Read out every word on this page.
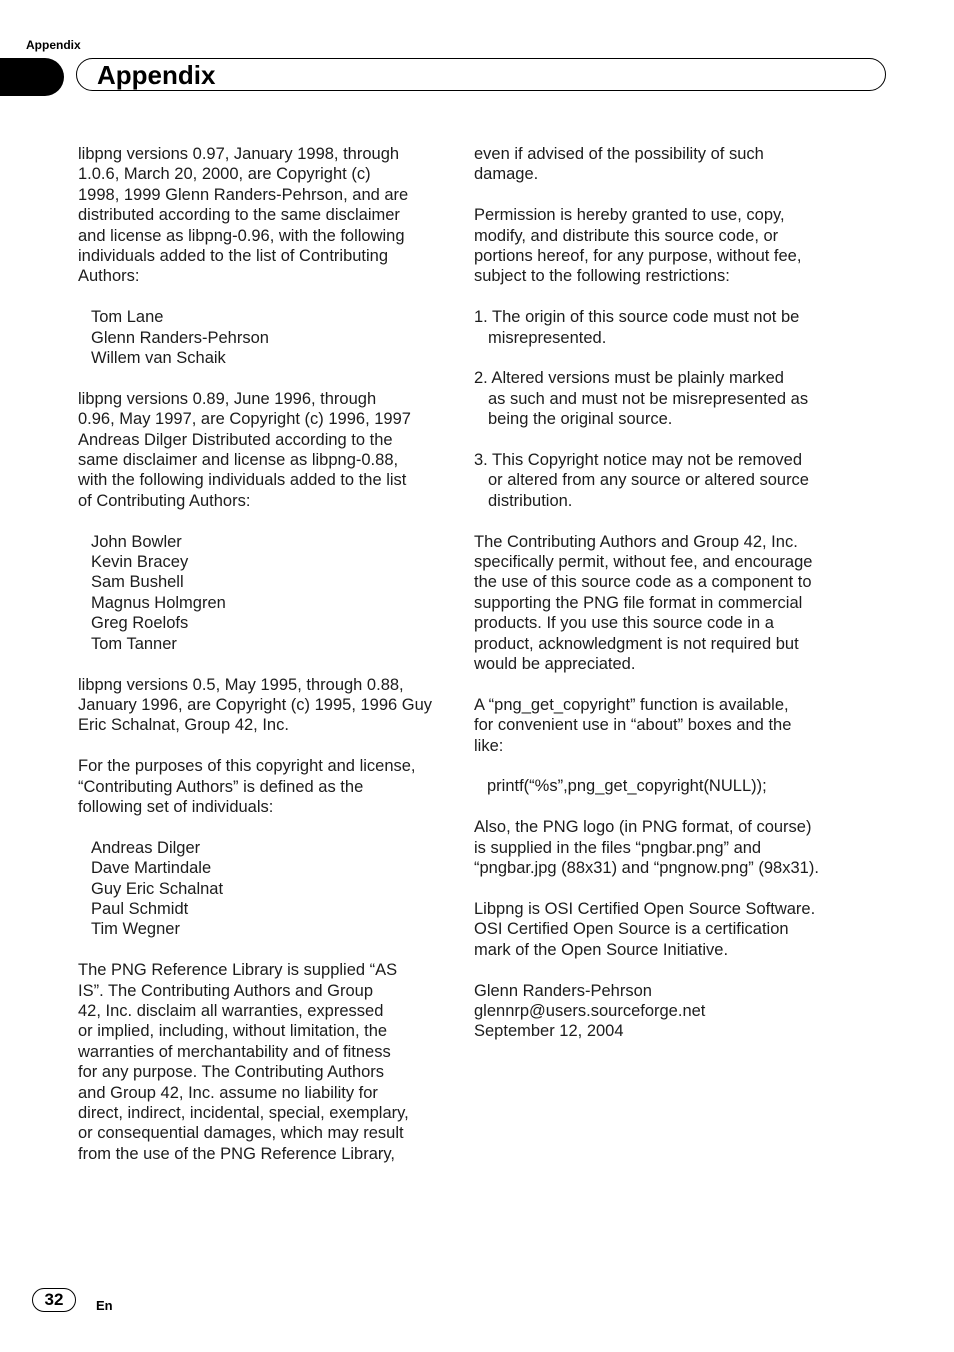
Appendix
Appendix

libpng versions 0.97, January 1998, through
1.0.6, March 20, 2000, are Copyright (c)
1998, 1999 Glenn Randers-Pehrson, and are
distributed according to the same disclaimer
and license as libpng-0.96, with the following
individuals added to the list of Contributing
Authors:

Tom Lane
Glenn Randers-Pehrson
Willem van Schaik

libpng versions 0.89, June 1996, through
0.96, May 1997, are Copyright (c) 1996, 1997
Andreas Dilger Distributed according to the
same disclaimer and license as libpng-0.88,
with the following individuals added to the list
of Contributing Authors:

John Bowler
Kevin Bracey
Sam Bushell
Magnus Holmgren
Greg Roelofs
Tom Tanner

libpng versions 0.5, May 1995, through 0.88,
January 1996, are Copyright (c) 1995, 1996 Guy
Eric Schalnat, Group 42, Inc.

For the purposes of this copyright and license,
“Contributing Authors” is defined as the
following set of individuals:

Andreas Dilger
Dave Martindale
Guy Eric Schalnat
Paul Schmidt
Tim Wegner

The PNG Reference Library is supplied “AS
IS”. The Contributing Authors and Group
42, Inc. disclaim all warranties, expressed
or implied, including, without limitation, the
warranties of merchantability and of fitness
for any purpose. The Contributing Authors
and Group 42, Inc. assume no liability for
direct, indirect, incidental, special, exemplary,
or consequential damages, which may result
from the use of the PNG Reference Library,

even if advised of the possibility of such
damage.

Permission is hereby granted to use, copy,
modify, and distribute this source code, or
portions hereof, for any purpose, without fee,
subject to the following restrictions:

1. The origin of this source code must not be
misrepresented.

2. Altered versions must be plainly marked
as such and must not be misrepresented as
being the original source.

3. This Copyright notice may not be removed
or altered from any source or altered source
distribution.

The Contributing Authors and Group 42, Inc.
specifically permit, without fee, and encourage
the use of this source code as a component to
supporting the PNG file format in commercial
products. If you use this source code in a
product, acknowledgment is not required but
would be appreciated.

A “png_get_copyright” function is available,
for convenient use in “about” boxes and the
like:

printf(“%s”,png_get_copyright(NULL));

Also, the PNG logo (in PNG format, of course)
is supplied in the files “pngbar.png” and
“pngbar.jpg (88x31) and “pngnow.png” (98x31).

Libpng is OSI Certified Open Source Software.
OSI Certified Open Source is a certification
mark of the Open Source Initiative.

Glenn Randers-Pehrson
glennrp@users.sourceforge.net
September 12, 2004

32	En
